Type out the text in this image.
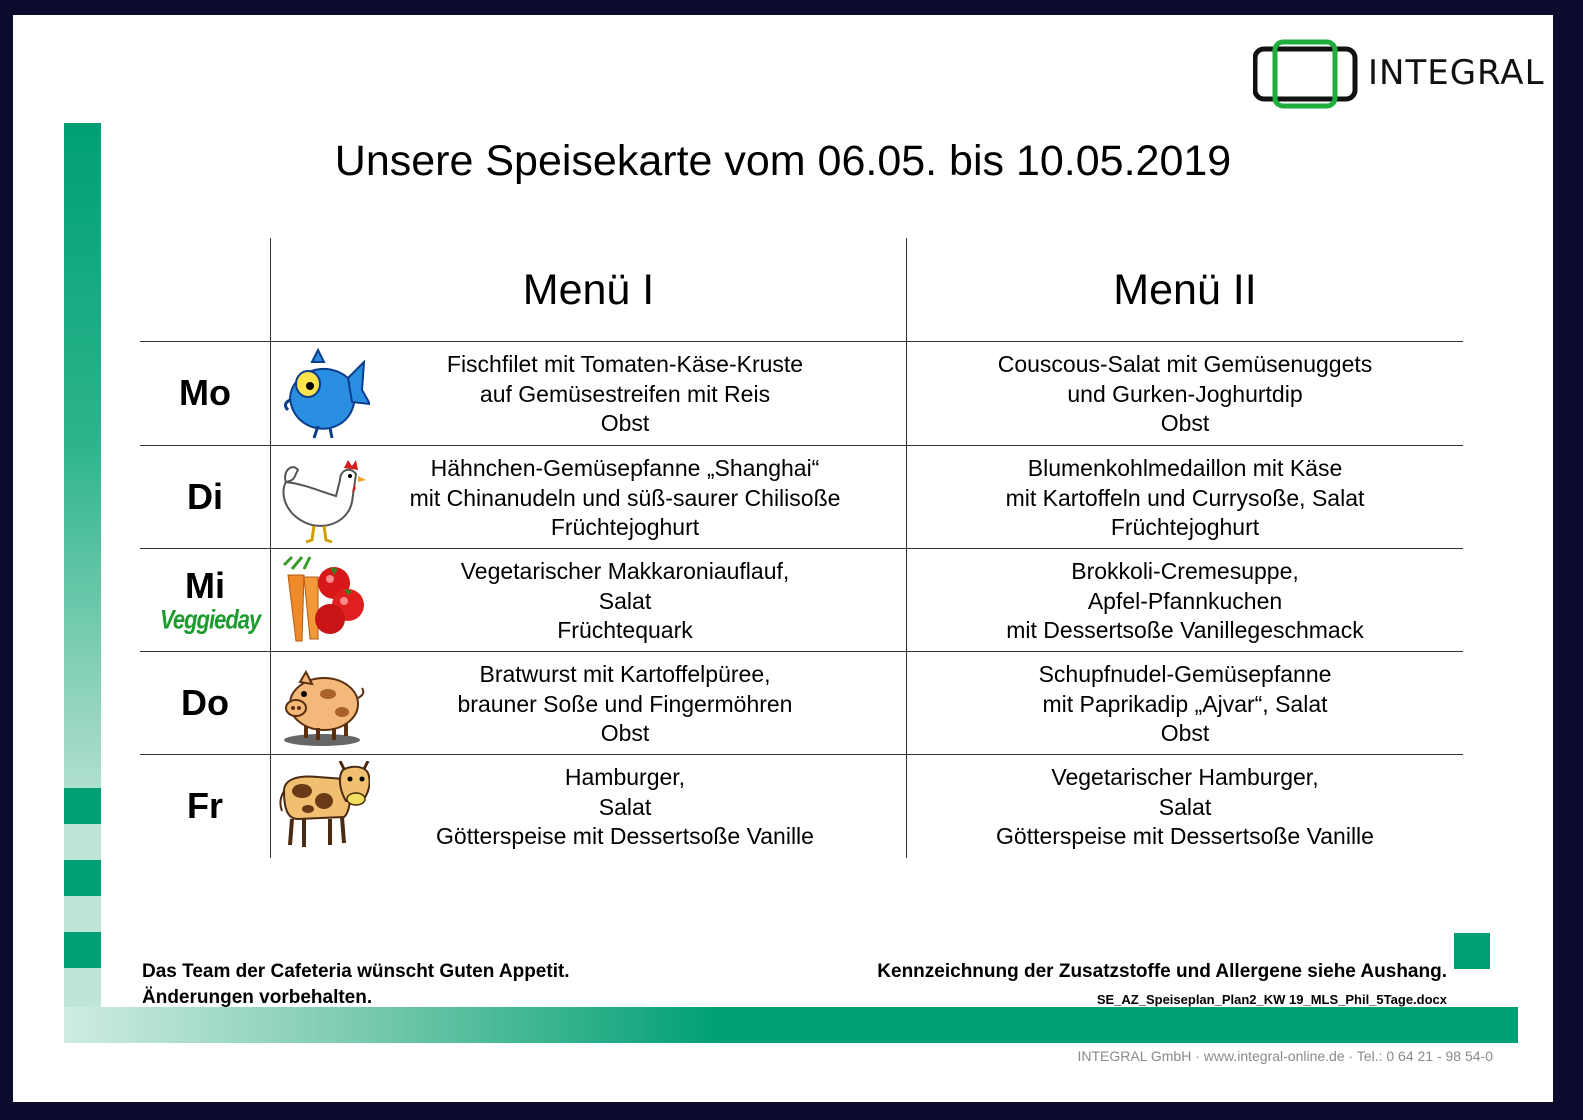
INTEGRAL
Unsere Speisekarte vom 06.05. bis 10.05.2019
Menü I	Menü II
Mo
Fischfilet mit Tomaten-Käse-Kruste
auf Gemüsestreifen mit Reis
Obst
Couscous-Salat mit Gemüsenuggets
und Gurken-Joghurtdip
Obst
Di
Hähnchen-Gemüsepfanne „Shanghai“
mit Chinanudeln und süß-saurer Chilisoße
Früchtejoghurt
Blumenkohlmedaillon mit Käse
mit Kartoffeln und Currysoße, Salat
Früchtejoghurt
Mi
Veggieday
Vegetarischer Makkaroniauflauf,
Salat
Früchtequark
Brokkoli-Cremesuppe,
Apfel-Pfannkuchen
mit Dessertsoße Vanillegeschmack
Do
Bratwurst mit Kartoffelpüree,
brauner Soße und Fingermöhren
Obst
Schupfnudel-Gemüsepfanne
mit Paprikadip „Ajvar“, Salat
Obst
Fr
Hamburger,
Salat
Götterspeise mit Dessertsoße Vanille
Vegetarischer Hamburger,
Salat
Götterspeise mit Dessertsoße Vanille
Das Team der Cafeteria wünscht Guten Appetit.
Änderungen vorbehalten.
Kennzeichnung der Zusatzstoffe und Allergene siehe Aushang.
SE_AZ_Speiseplan_Plan2_KW 19_MLS_Phil_5Tage.docx
INTEGRAL GmbH · www.integral-online.de · Tel.: 0 64 21 - 98 54-0
